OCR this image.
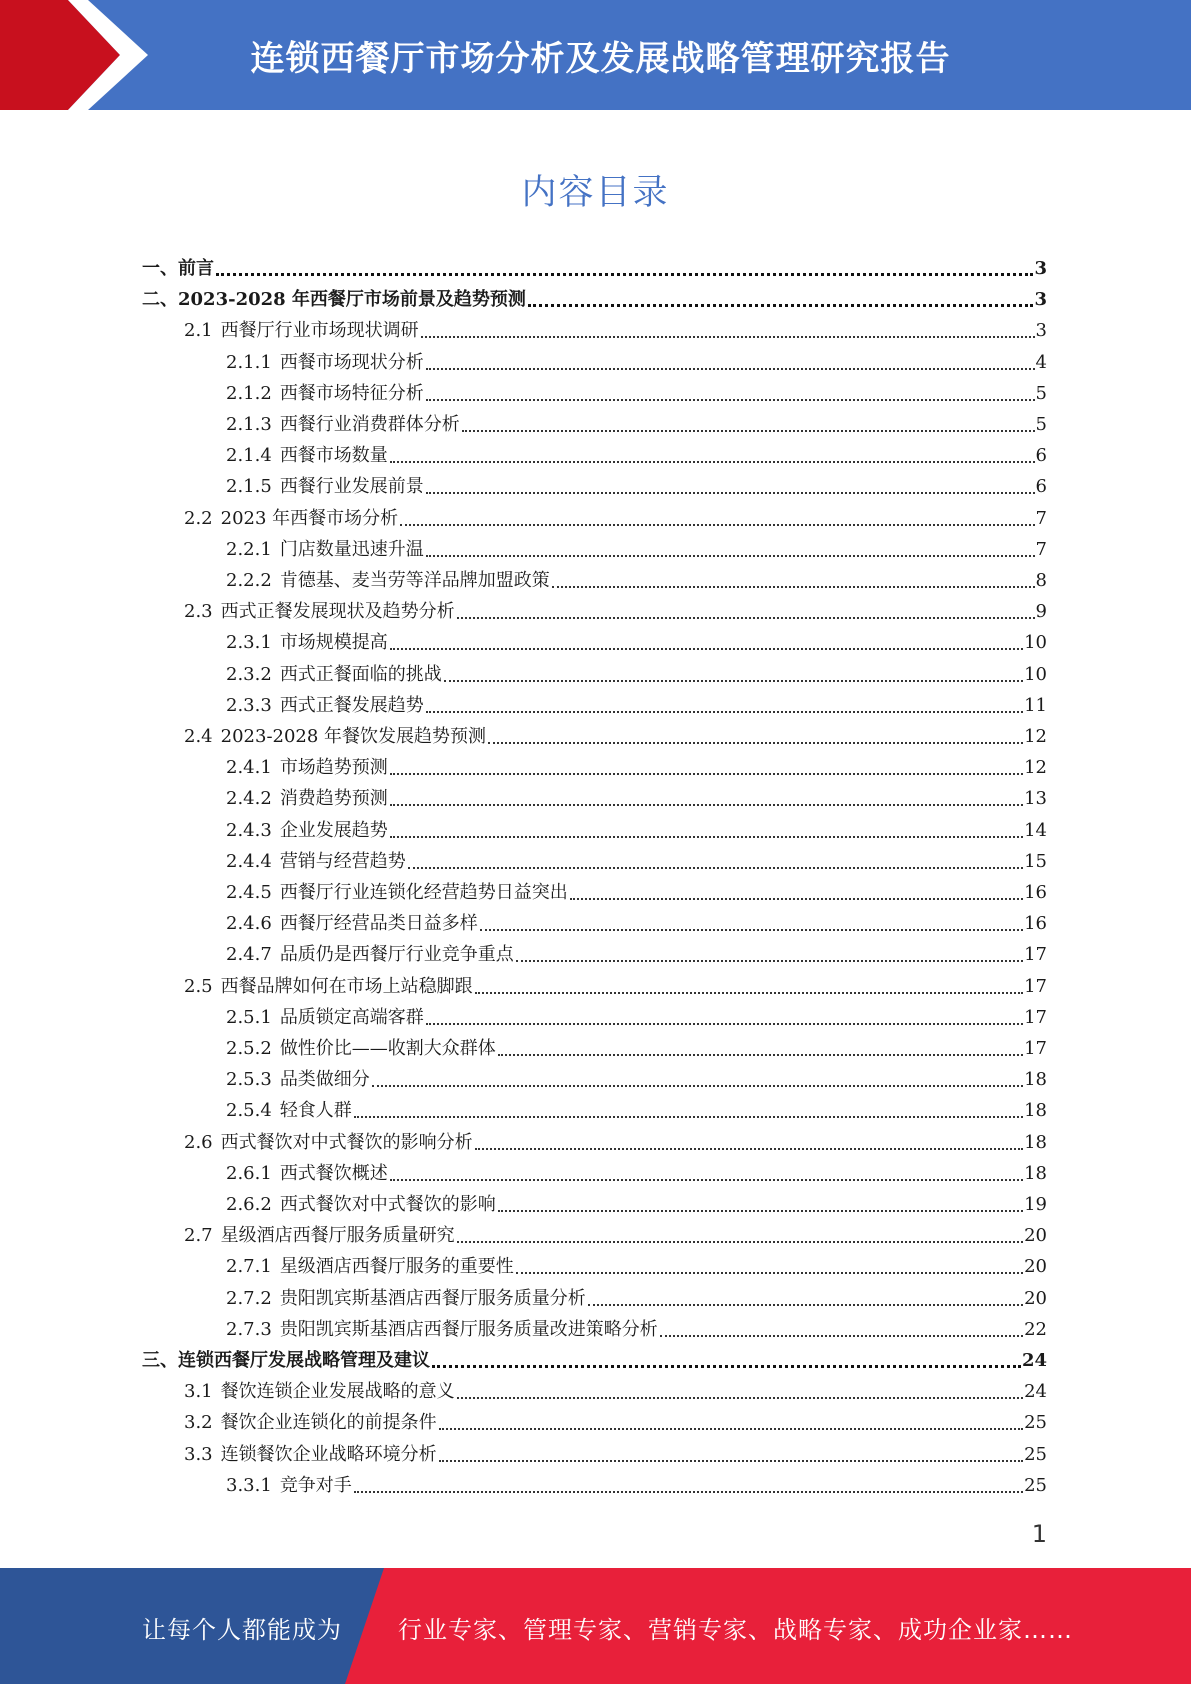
连锁西餐厅市场分析及发展战略管理研究报告
内容目录
一、 前言	3
二、 2023-2028 年西餐厅市场前景及趋势预测	3
2.1 西餐厅行业市场现状调研	3
2.1.1 西餐市场现状分析	4
2.1.2 西餐市场特征分析	5
2.1.3 西餐行业消费群体分析	5
2.1.4 西餐市场数量	6
2.1.5 西餐行业发展前景	6
2.2 2023 年西餐市场分析	7
2.2.1 门店数量迅速升温	7
2.2.2 肯德基、麦当劳等洋品牌加盟政策	8
2.3 西式正餐发展现状及趋势分析	9
2.3.1 市场规模提高	10
2.3.2 西式正餐面临的挑战	10
2.3.3 西式正餐发展趋势	11
2.4 2023-2028 年餐饮发展趋势预测	12
2.4.1 市场趋势预测	12
2.4.2 消费趋势预测	13
2.4.3 企业发展趋势	14
2.4.4 营销与经营趋势	15
2.4.5 西餐厅行业连锁化经营趋势日益突出	16
2.4.6 西餐厅经营品类日益多样	16
2.4.7 品质仍是西餐厅行业竞争重点	17
2.5 西餐品牌如何在市场上站稳脚跟	17
2.5.1 品质锁定高端客群	17
2.5.2 做性价比——收割大众群体	17
2.5.3 品类做细分	18
2.5.4 轻食人群	18
2.6 西式餐饮对中式餐饮的影响分析	18
2.6.1 西式餐饮概述	18
2.6.2 西式餐饮对中式餐饮的影响	19
2.7 星级酒店西餐厅服务质量研究	20
2.7.1 星级酒店西餐厅服务的重要性	20
2.7.2 贵阳凯宾斯基酒店西餐厅服务质量分析	20
2.7.3 贵阳凯宾斯基酒店西餐厅服务质量改进策略分析	22
三、 连锁西餐厅发展战略管理及建议	24
3.1 餐饮连锁企业发展战略的意义	24
3.2 餐饮企业连锁化的前提条件	25
3.3 连锁餐饮企业战略环境分析	25
3.3.1 竞争对手	25
1
让每个人都能成为 行业专家、管理专家、营销专家、战略专家、成功企业家……
